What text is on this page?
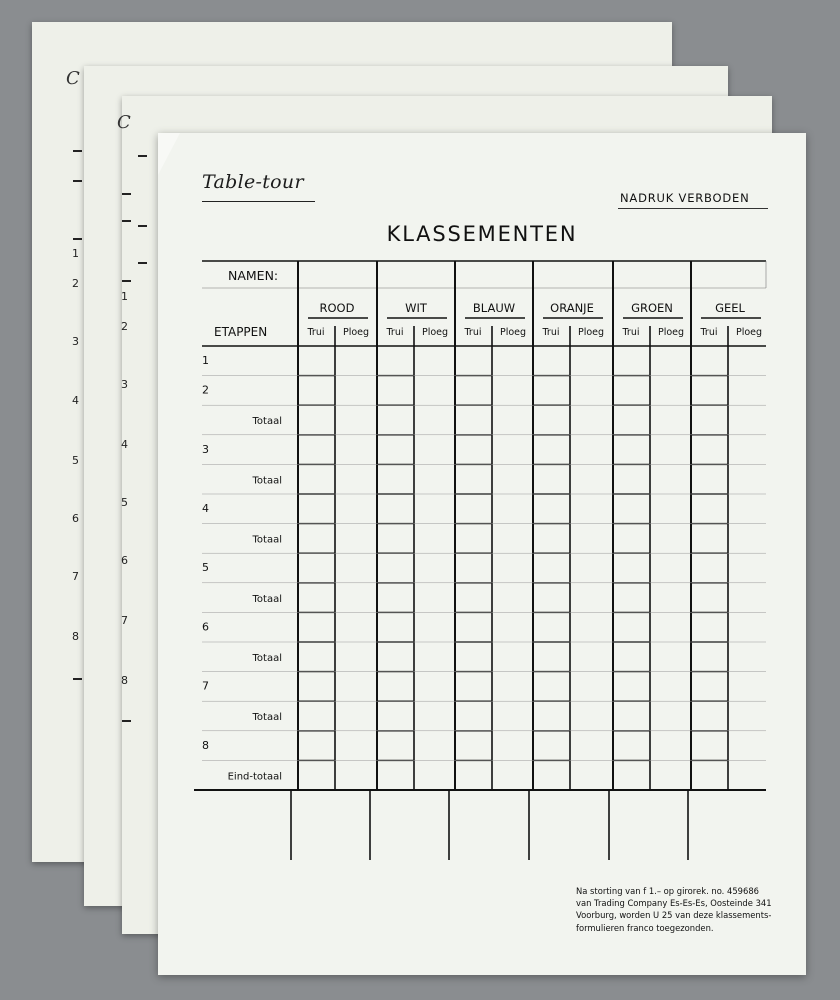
1
2
3
4
5
6
7
8
C
1
2
3
4
5
6
7
8
C
Table-tour
NADRUK VERBODEN
KLASSEMENTEN
NAMEN:
ETAPPEN
ROOD
Trui Ploeg
WIT
Trui Ploeg
BLAUW
Trui Ploeg
ORANJE
Trui Ploeg
GROEN
Trui Ploeg
GEEL
Trui Ploeg
1
2
Totaal
3
Totaal
4
Totaal
5
Totaal
6
Totaal
7
Totaal
8
Eind-totaal
Na storting van f 1.– op girorek. no. 459686
van Trading Company Es-Es-Es, Oosteinde 341
Voorburg, worden U 25 van deze klassements-
formulieren franco toegezonden.
